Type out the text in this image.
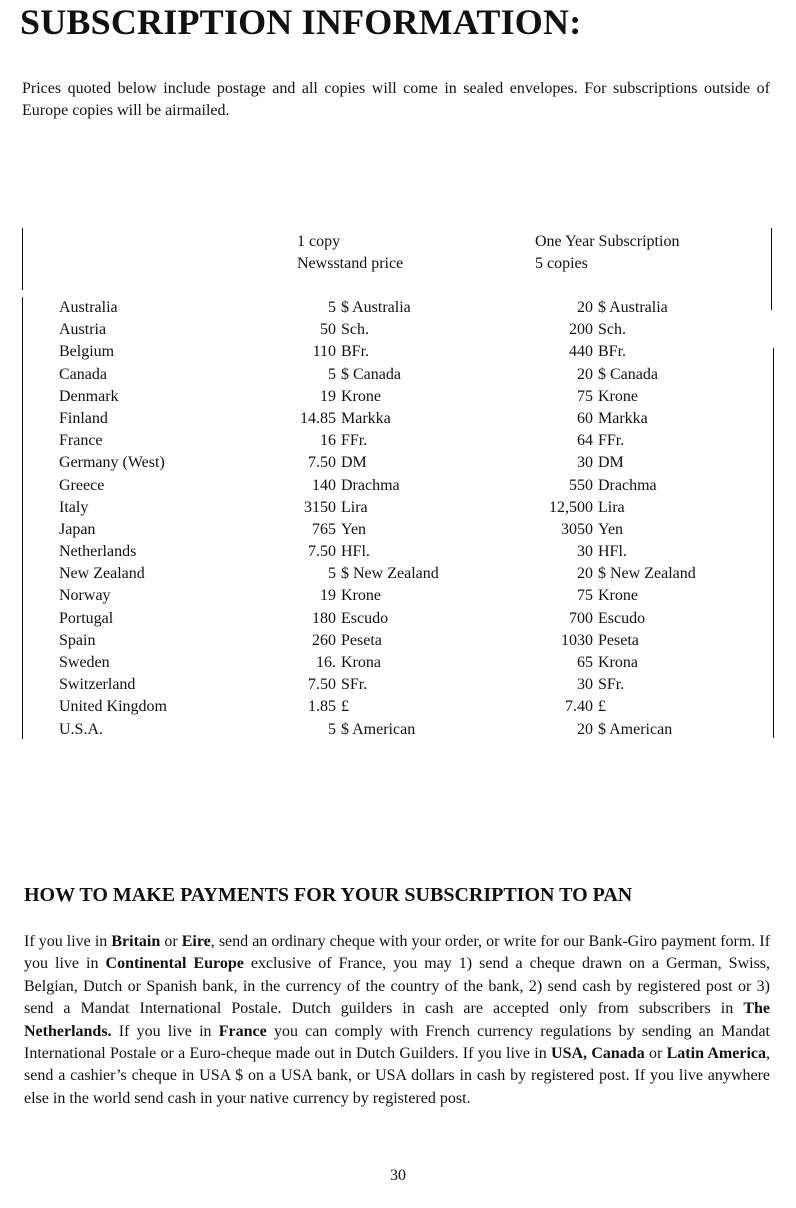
SUBSCRIPTION INFORMATION:
Prices quoted below include postage and all copies will come in sealed envelopes. For subscriptions outside of Europe copies will be airmailed.
1 copy
Newsstand price
One Year Subscription
5 copies
Australia	5 $ Australia	20 $ Australia
Austria	50 Sch.	200 Sch.
Belgium	110 BFr.	440 BFr.
Canada	5 $ Canada	20 $ Canada
Denmark	19 Krone	75 Krone
Finland	14.85 Markka	60 Markka
France	16 FFr.	64 FFr.
Germany (West)	7.50 DM	30 DM
Greece	140 Drachma	550 Drachma
Italy	3150 Lira	12,500 Lira
Japan	765 Yen	3050 Yen
Netherlands	7.50 HFl.	30 HFl.
New Zealand	5 $ New Zealand	20 $ New Zealand
Norway	19 Krone	75 Krone
Portugal	180 Escudo	700 Escudo
Spain	260 Peseta	1030 Peseta
Sweden	16. Krona	65 Krona
Switzerland	7.50 SFr.	30 SFr.
United Kingdom	1.85 £	7.40 £
U.S.A.	5 $ American	20 $ American
HOW TO MAKE PAYMENTS FOR YOUR SUBSCRIPTION TO PAN
If you live in Britain or Eire, send an ordinary cheque with your order, or write for our Bank-Giro payment form. If you live in Continental Europe exclusive of France, you may 1) send a cheque drawn on a German, Swiss, Belgian, Dutch or Spanish bank, in the currency of the country of the bank, 2) send cash by registered post or 3) send a Mandat International Postale. Dutch guilders in cash are accepted only from subscribers in The Netherlands. If you live in France you can comply with French currency regulations by sending an Mandat International Postale or a Euro-cheque made out in Dutch Guilders. If you live in USA, Canada or Latin America, send a cashier’s cheque in USA $ on a USA bank, or USA dollars in cash by registered post. If you live anywhere else in the world send cash in your native currency by registered post.
30
